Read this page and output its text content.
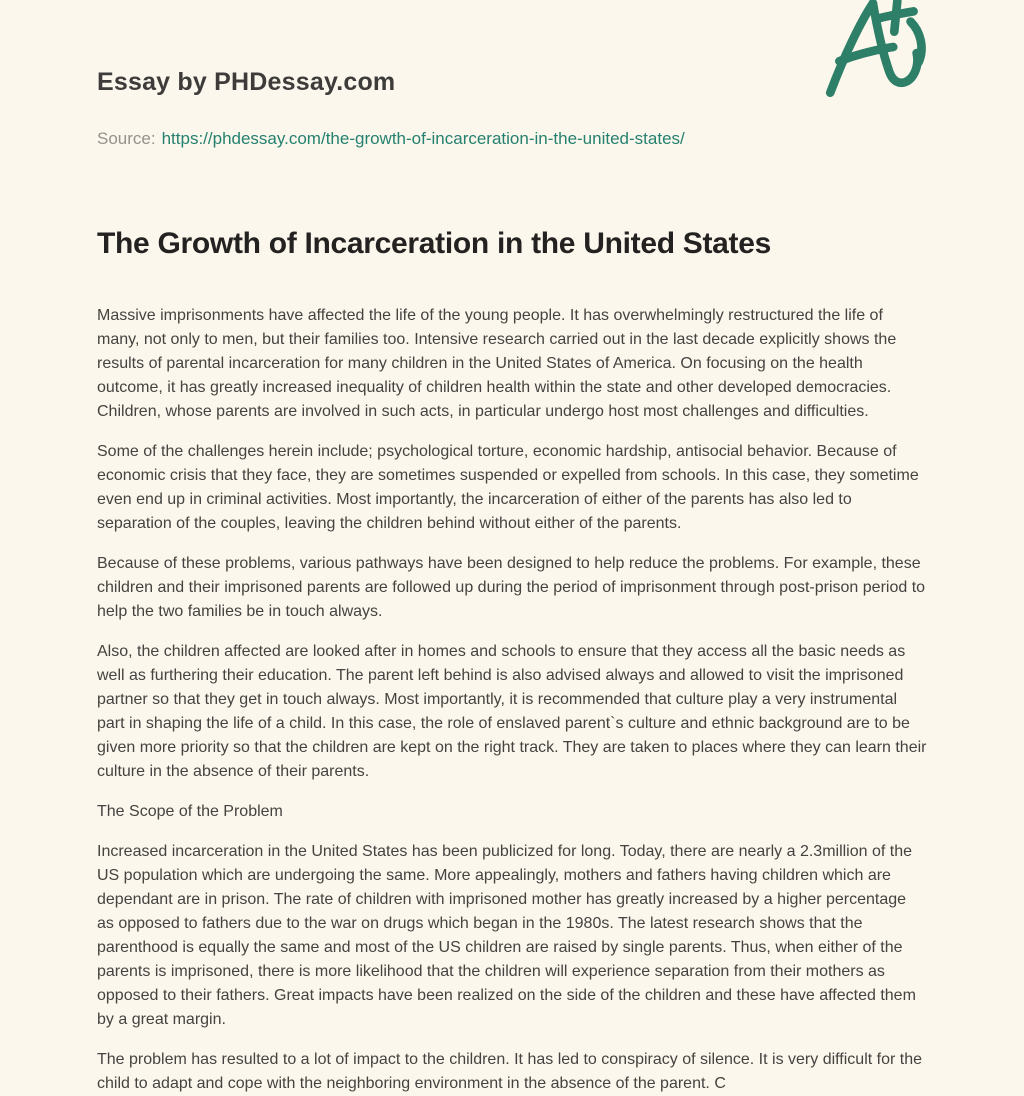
Essay by PHDessay.com

Source: https://phdessay.com/the-growth-of-incarceration-in-the-united-states/

The Growth of Incarceration in the United States

Massive imprisonments have affected the life of the young people. It has overwhelmingly restructured the life of many, not only to men, but their families too. Intensive research carried out in the last decade explicitly shows the results of parental incarceration for many children in the United States of America. On focusing on the health outcome, it has greatly increased inequality of children health within the state and other developed democracies. Children, whose parents are involved in such acts, in particular undergo host most challenges and difficulties.

Some of the challenges herein include; psychological torture, economic hardship, antisocial behavior. Because of economic crisis that they face, they are sometimes suspended or expelled from schools. In this case, they sometime even end up in criminal activities. Most importantly, the incarceration of either of the parents has also led to separation of the couples, leaving the children behind without either of the parents.

Because of these problems, various pathways have been designed to help reduce the problems. For example, these children and their imprisoned parents are followed up during the period of imprisonment through post-prison period to help the two families be in touch always.

Also, the children affected are looked after in homes and schools to ensure that they access all the basic needs as well as furthering their education. The parent left behind is also advised always and allowed to visit the imprisoned partner so that they get in touch always. Most importantly, it is recommended that culture play a very instrumental part in shaping the life of a child. In this case, the role of enslaved parent`s culture and ethnic background are to be given more priority so that the children are kept on the right track. They are taken to places where they can learn their culture in the absence of their parents.

The Scope of the Problem

Increased incarceration in the United States has been publicized for long. Today, there are nearly a 2.3million of the US population which are undergoing the same. More appealingly, mothers and fathers having children which are dependant are in prison. The rate of children with imprisoned mother has greatly increased by a higher percentage as opposed to fathers due to the war on drugs which began in the 1980s. The latest research shows that the parenthood is equally the same and most of the US children are raised by single parents. Thus, when either of the parents is imprisoned, there is more likelihood that the children will experience separation from their mothers as opposed to their fathers. Great impacts have been realized on the side of the children and these have affected them by a great margin.

The problem has resulted to a lot of impact to the children. It has led to conspiracy of silence. It is very difficult for the child to adapt and cope with the neighboring environment in the absence of the parent. C
